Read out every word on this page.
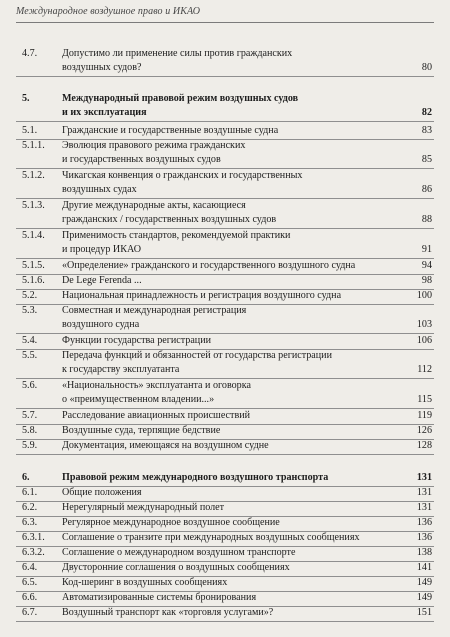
Международное воздушное право и ИКАО
4.7.	Допустимо ли применение силы против гражданских
воздушных судов?	80
5.	Международный правовой режим воздушных судов
и их эксплуатация	82
5.1.	Гражданские и государственные воздушные судна	83
5.1.1.	Эволюция правового режима гражданских
и государственных воздушных судов	85
5.1.2.	Чикагская конвенция о гражданских и государственных
воздушных судах	86
5.1.3.	Другие международные акты, касающиеся
гражданских / государственных воздушных судов	88
5.1.4.	Применимость стандартов, рекомендуемой практики
и процедур ИКАО	91
5.1.5.	«Определение» гражданского и государственного воздушного судна	94
5.1.6.	De Lege Ferenda ...	98
5.2.	Национальная принадлежность и регистрация воздушного судна	100
5.3.	Совместная и международная регистрация
воздушного судна	103
5.4.	Функции государства регистрации	106
5.5.	Передача функций и обязанностей от государства регистрации
к государству эксплуатанта	112
5.6.	«Национальность» эксплуатанта и оговорка
о «преимущественном владении...»	115
5.7.	Расследование авиационных происшествий	119
5.8.	Воздушные суда, терпящие бедствие	126
5.9.	Документация, имеющаяся на воздушном судне	128
6.	Правовой режим международного воздушного транспорта	131
6.1.	Общие положения	131
6.2.	Нерегулярный международный полет	131
6.3.	Регулярное международное воздушное сообщение	136
6.3.1.	Соглашение о транзите при международных воздушных сообщениях	136
6.3.2.	Соглашение о международном воздушном транспорте	138
6.4.	Двусторонние соглашения о воздушных сообщениях	141
6.5.	Код-шеринг в воздушных сообщениях	149
6.6.	Автоматизированные системы бронирования	149
6.7.	Воздушный транспорт как «торговля услугами»?	151
